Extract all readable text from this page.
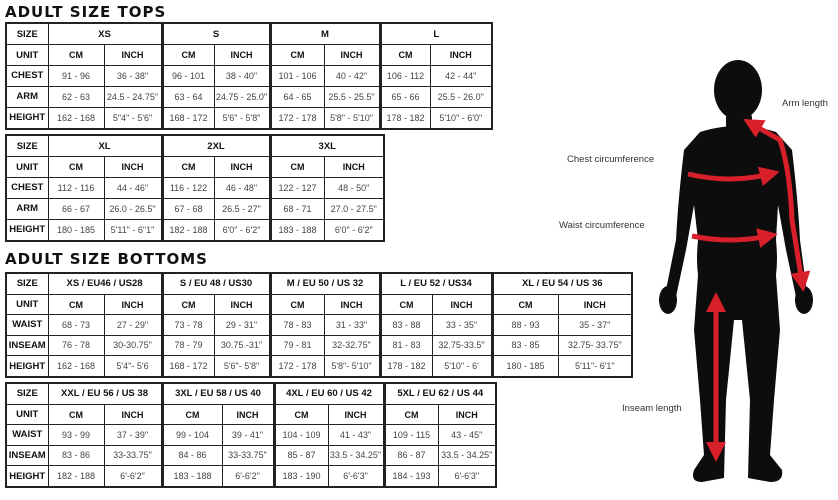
ADULT SIZE TOPS
SIZE	XS		S		M		L	
UNIT	CM	INCH	CM	INCH	CM	INCH	CM	INCH
CHEST	91 - 96	36 - 38"	96 - 101	38 - 40"	101 - 106	40 - 42"	106 - 112	42 - 44"
ARM	62 - 63	24.5 - 24.75"	63 - 64	24.75 - 25.0"	64 - 65	25.5 - 25.5"	65 - 66	25.5 - 26.0"
HEIGHT	162 - 168	5"4" - 5'6"	168 - 172	5'6" - 5'8"	172 - 178	5'8" - 5'10"	178 - 182	5'10" - 6'0"
SIZE	XL		2XL		3XL	
UNIT	CM	INCH	CM	INCH	CM	INCH
CHEST	112 - 116	44 - 46"	116 - 122	46 - 48"	122 - 127	48 - 50"
ARM	66 - 67	26.0 - 26.5"	67 - 68	26.5 - 27"	68 - 71	27.0 - 27.5"
HEIGHT	180 - 185	5'11" - 6"1"	182 - 188	6'0" - 6'2"	183 - 188	6'0" - 6'2"
ADULT SIZE BOTTOMS
SIZE	XS / EU46 / US28		S / EU 48 / US30		M / EU 50 / US 32		L / EU 52 / US34		XL / EU 54 / US 36	
UNIT	CM	INCH	CM	INCH	CM	INCH	CM	INCH	CM	INCH
WAIST	68 - 73	27 - 29"	73 - 78	29 - 31"	78 - 83	31 - 33"	83 - 88	33 - 35"	88 - 93	35 - 37"
INSEAM	76 - 78	30-30.75"	78 - 79	30.75 -31"	79 - 81	32-32.75"	81 - 83	32.75-33.5"	83 - 85	32.75- 33.75"
HEIGHT	162 - 168	5'4"- 5'6	168 - 172	5'6"- 5'8"	172 - 178	5'8"- 5'10"	178 - 182	5'10" - 6'	180 - 185	5'11"- 6'1"
SIZE	XXL / EU 56 / US 38		3XL / EU 58 / US 40		4XL / EU 60 / US 42		5XL / EU 62 / US 44	
UNIT	CM	INCH	CM	INCH	CM	INCH	CM	INCH
WAIST	93 - 99	37 - 39"	99 - 104	39 - 41"	104 - 109	41 - 43"	109 - 115	43 - 45"
INSEAM	83 - 86	33-33.75"	84 - 86	33-33.75"	85 - 87	33.5 - 34.25"	86 - 87	33.5 - 34.25"
HEIGHT	182 - 188	6'-6'2"	183 - 188	6'-6'2"	183 - 190	6'-6'3"	184 - 193	6'-6'3"
Arm length
Chest circumference
Waist circumference
Inseam length
